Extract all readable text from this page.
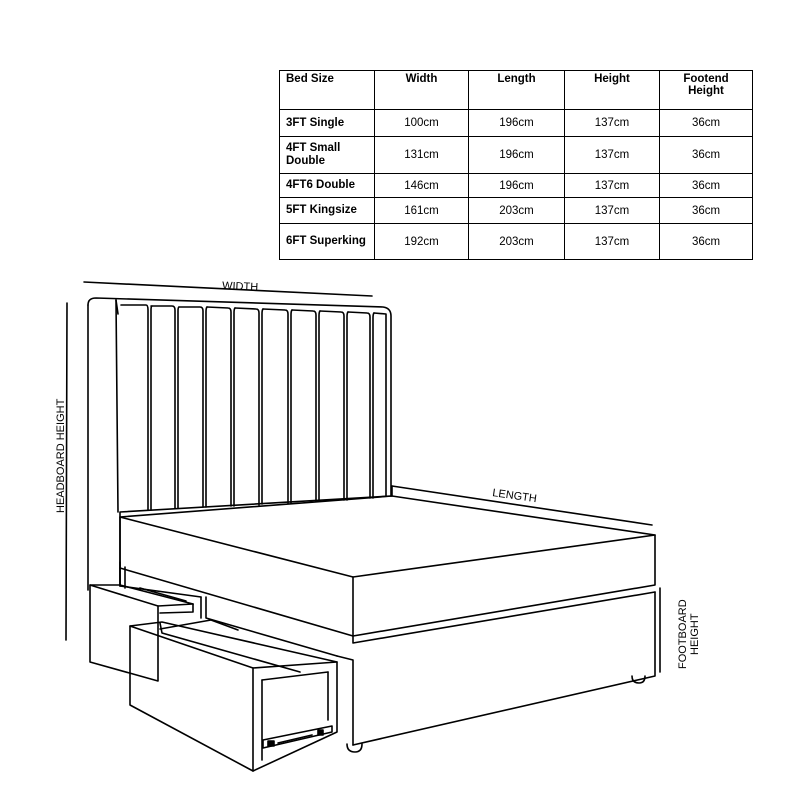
Bed Size	Width	Length	Height	Footend Height
3FT Single	100cm	196cm	137cm	36cm
4FT Small Double	131cm	196cm	137cm	36cm
4FT6 Double	146cm	196cm	137cm	36cm
5FT Kingsize	161cm	203cm	137cm	36cm
6FT Superking	192cm	203cm	137cm	36cm
WIDTH
LENGTH
HEADBOARD HEIGHT
FOOTBOARD HEIGHT
